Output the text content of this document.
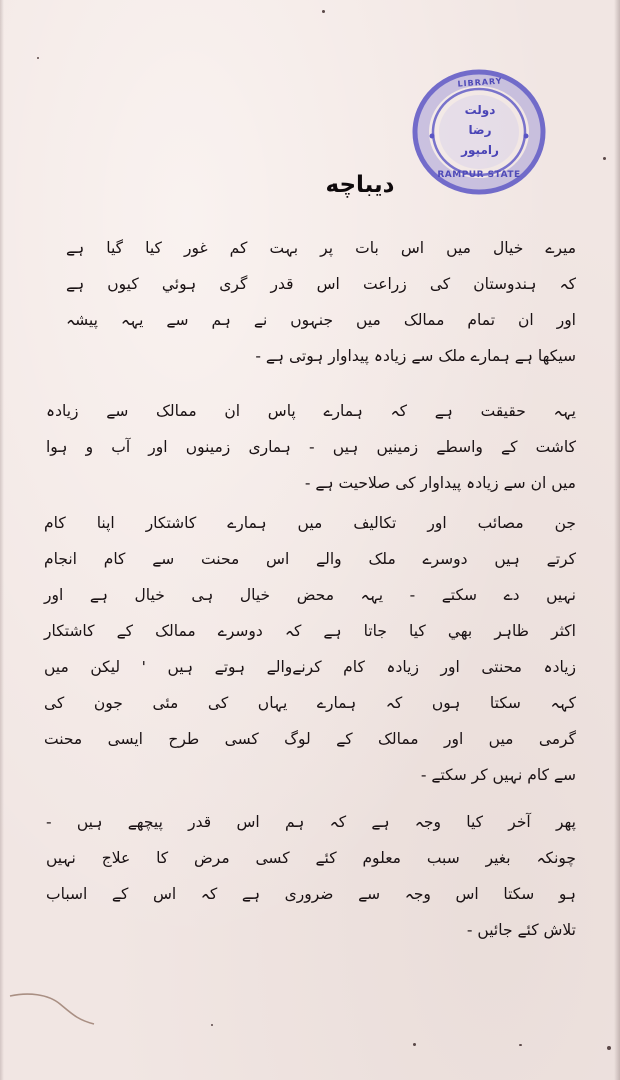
LIBRARY
دولت
رضا
رامپور
RAMPUR STATE
دیباچه
میرے خیال میں اس بات پر بہت کم غور کیا گیا ہے
کہ ہندوستان کی زراعت اس قدر گری ہوئي کیوں ہے
اور ان تمام ممالک میں جنہوں نے ہم سے یہہ پیشہ
سیکھا ہے ہمارے ملک سے زیادہ پیداوار ہوتی ہے -
یہہ حقیقت ہے کہ ہمارے پاس ان ممالک سے زیادہ
کاشت کے واسطے زمینیں ہیں - ہماری زمینوں اور آب و ہوا
میں ان سے زیادہ پیداوار کی صلاحیت ہے -
جن مصائب اور تکالیف میں ہمارے کاشتکار اپنا کام
کرتے ہیں دوسرے ملک والے اس محنت سے کام انجام
نہیں دے سکتے - یہہ محض خیال ہی خیال ہے اور
اکثر ظاہر بھي کیا جاتا ہے کہ دوسرے ممالک کے کاشتکار
زیادہ محنتی اور زیادہ کام کرنےوالے ہوتے ہیں ' لیکن میں
کہہ سکتا ہوں کہ ہمارے یہاں کی مئی جون کی
گرمی میں اور ممالک کے لوگ کسی طرح ایسی محنت
سے کام نہیں کر سکتے -
پھر آخر کیا وجہ ہے کہ ہم اس قدر پیچھے ہیں -
چونکہ بغیر سبب معلوم کئے کسی مرض کا علاج نہیں
ہو سکتا اس وجہ سے ضروری ہے کہ اس کے اسباب
تلاش کئے جائیں -
